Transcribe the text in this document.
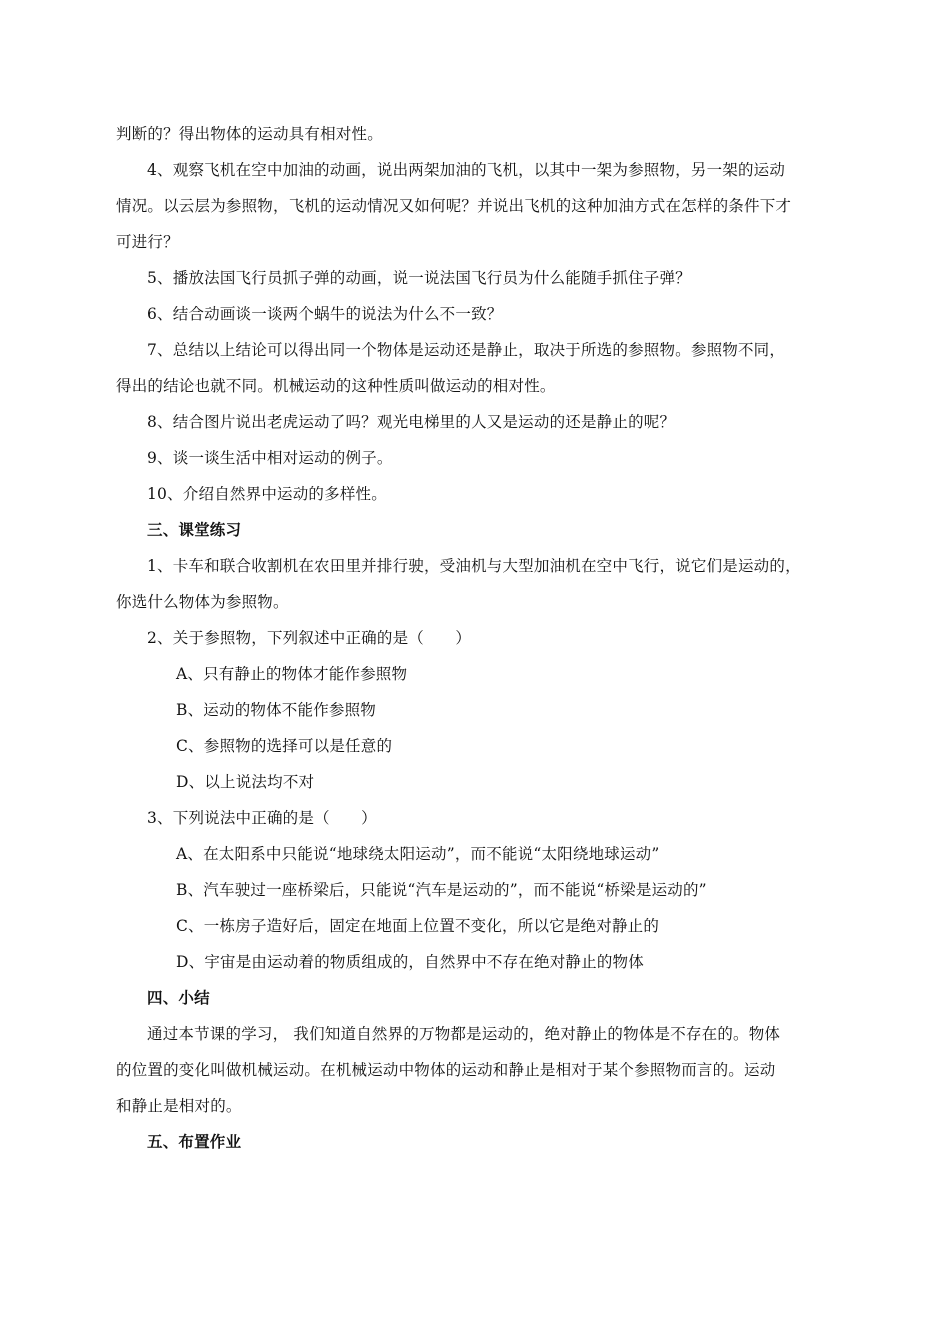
判断的？得出物体的运动具有相对性。
4、观察飞机在空中加油的动画，说出两架加油的飞机，以其中一架为参照物，另一架的运动
情况。以云层为参照物，飞机的运动情况又如何呢？并说出飞机的这种加油方式在怎样的条件下才
可进行？
5、播放法国飞行员抓子弹的动画，说一说法国飞行员为什么能随手抓住子弹？
6、结合动画谈一谈两个蜗牛的说法为什么不一致？
7、总结以上结论可以得出同一个物体是运动还是静止，取决于所选的参照物。参照物不同，
得出的结论也就不同。机械运动的这种性质叫做运动的相对性。
8、结合图片说出老虎运动了吗？观光电梯里的人又是运动的还是静止的呢？
9、谈一谈生活中相对运动的例子。
10、介绍自然界中运动的多样性。
三、课堂练习
1、卡车和联合收割机在农田里并排行驶，受油机与大型加油机在空中飞行，说它们是运动的，
你选什么物体为参照物。
2、关于参照物，下列叙述中正确的是（　　）
A、只有静止的物体才能作参照物
B、运动的物体不能作参照物
C、参照物的选择可以是任意的
D、以上说法均不对
3、下列说法中正确的是（　　）
A、在太阳系中只能说“地球绕太阳运动”，而不能说“太阳绕地球运动”
B、汽车驶过一座桥梁后，只能说“汽车是运动的”，而不能说“桥梁是运动的”
C、一栋房子造好后，固定在地面上位置不变化，所以它是绝对静止的
D、宇宙是由运动着的物质组成的，自然界中不存在绝对静止的物体
四、小结
通过本节课的学习， 我们知道自然界的万物都是运动的，绝对静止的物体是不存在的。物体
的位置的变化叫做机械运动。在机械运动中物体的运动和静止是相对于某个参照物而言的。运动
和静止是相对的。
五、布置作业
